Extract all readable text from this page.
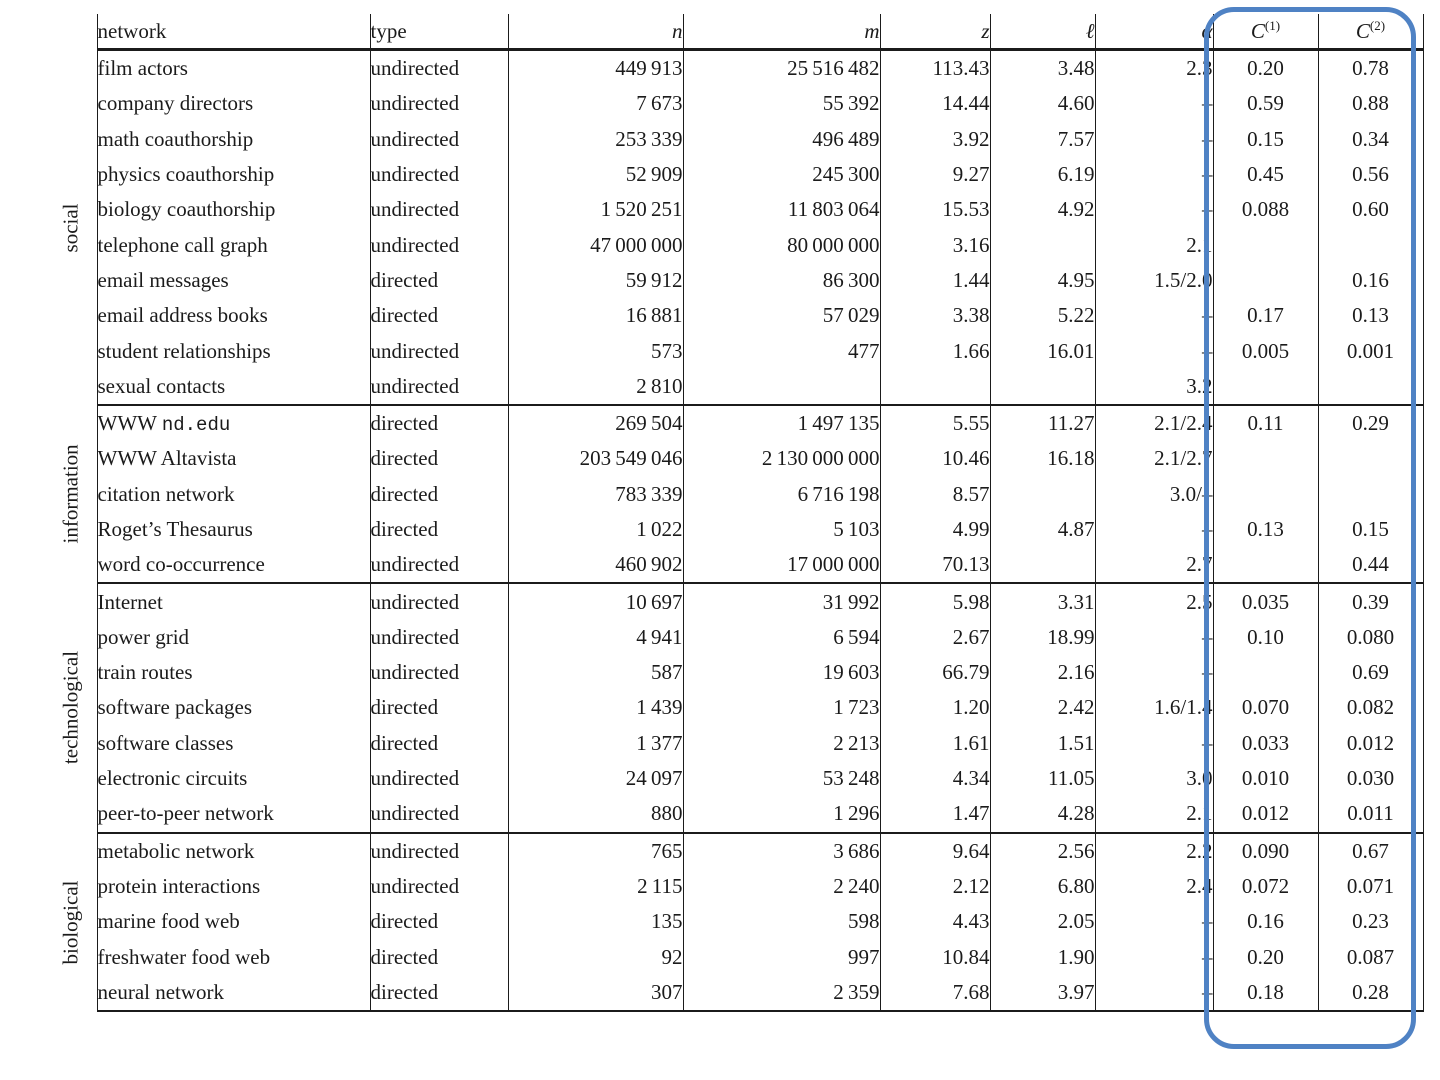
	network	type	n	m	z	ℓ	α	$C^{(1)}$	$C^{(2)}$

social	film actors	undirected	449 913	25 516 482	113.43	3.48	2.3	0.20	0.78
	company directors	undirected	7 673	55 392	14.44	4.60	–	0.59	0.88
	math coauthorship	undirected	253 339	496 489	3.92	7.57	–	0.15	0.34
	physics coauthorship	undirected	52 909	245 300	9.27	6.19	–	0.45	0.56
	biology coauthorship	undirected	1 520 251	11 803 064	15.53	4.92	–	0.088	0.60
	telephone call graph	undirected	47 000 000	80 000 000	3.16		2.1		
	email messages	directed	59 912	86 300	1.44	4.95	1.5/2.0		0.16
	email address books	directed	16 881	57 029	3.38	5.22	–	0.17	0.13
	student relationships	undirected	573	477	1.66	16.01	–	0.005	0.001
	sexual contacts	undirected	2 810				3.2		

information	WWW nd.edu	directed	269 504	1 497 135	5.55	11.27	2.1/2.4	0.11	0.29
	WWW Altavista	directed	203 549 046	2 130 000 000	10.46	16.18	2.1/2.7		
	citation network	directed	783 339	6 716 198	8.57		3.0/–		
	Roget’s Thesaurus	directed	1 022	5 103	4.99	4.87	–	0.13	0.15
	word co-occurrence	undirected	460 902	17 000 000	70.13		2.7		0.44

technological	Internet	undirected	10 697	31 992	5.98	3.31	2.5	0.035	0.39
	power grid	undirected	4 941	6 594	2.67	18.99	–	0.10	0.080
	train routes	undirected	587	19 603	66.79	2.16	–		0.69
	software packages	directed	1 439	1 723	1.20	2.42	1.6/1.4	0.070	0.082
	software classes	directed	1 377	2 213	1.61	1.51	–	0.033	0.012
	electronic circuits	undirected	24 097	53 248	4.34	11.05	3.0	0.010	0.030
	peer-to-peer network	undirected	880	1 296	1.47	4.28	2.1	0.012	0.011

biological	metabolic network	undirected	765	3 686	9.64	2.56	2.2	0.090	0.67
	protein interactions	undirected	2 115	2 240	2.12	6.80	2.4	0.072	0.071
	marine food web	directed	135	598	4.43	2.05	–	0.16	0.23
	freshwater food web	directed	92	997	10.84	1.90	–	0.20	0.087
	neural network	directed	307	2 359	7.68	3.97	–	0.18	0.28
